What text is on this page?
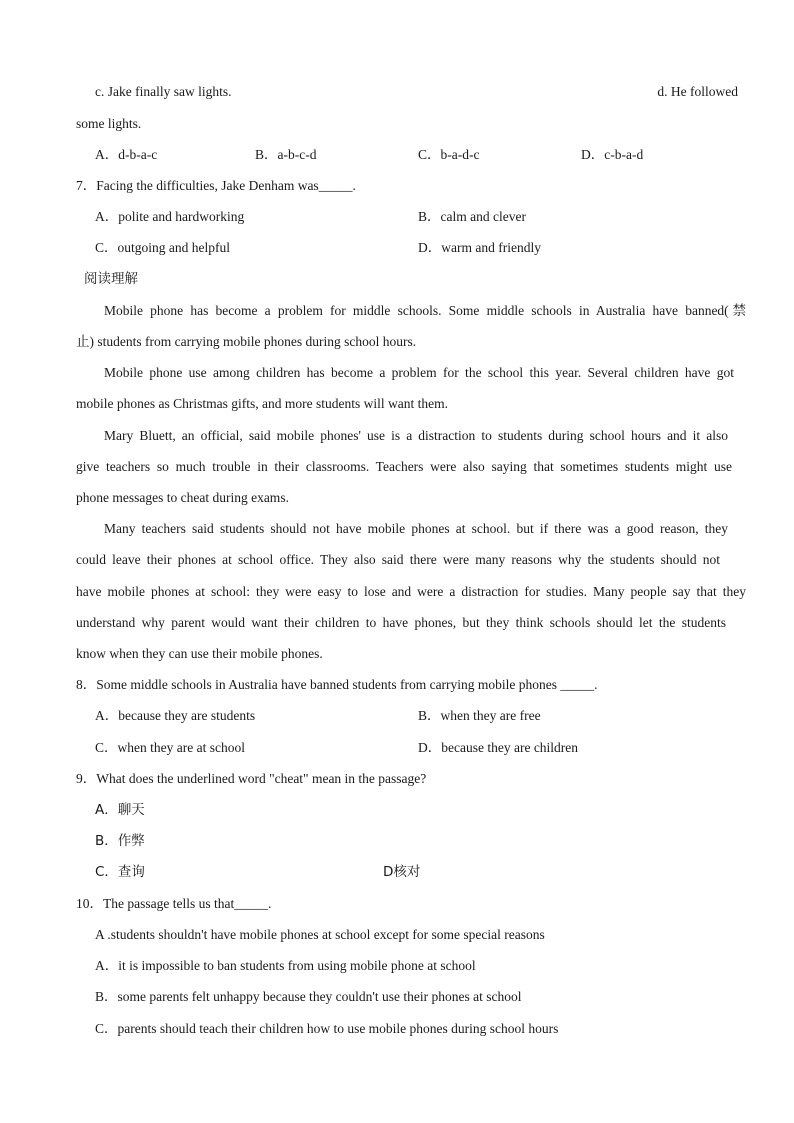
c. Jake finally saw lights.	d. He followed
some lights.
A．d-b-a-c	B．a-b-c-d	C．b-a-d-c	D．c-b-a-d
7．Facing the difficulties, Jake Denham was_____.
A．polite and hardworking	B．calm and clever
C．outgoing and helpful	D．warm and friendly
阅读理解
Mobile phone has become a problem for middle schools. Some middle schools in Australia have banned(禁
止) students from carrying mobile phones during school hours.
Mobile phone use among children has become a problem for the school this year. Several children have got
mobile phones as Christmas gifts, and more students will want them.
Mary Bluett, an official, said mobile phones' use is a distraction to students during school hours and it also
give teachers so much trouble in their classrooms. Teachers were also saying that sometimes students might use
phone messages to cheat during exams.
Many teachers said students should not have mobile phones at school. but if there was a good reason, they
could leave their phones at school office. They also said there were many reasons why the students should not
have mobile phones at school: they were easy to lose and were a distraction for studies. Many people say that they
understand why parent would want their children to have phones, but they think schools should let the students
know when they can use their mobile phones.
8．Some middle schools in Australia have banned students from carrying mobile phones _____.
A．because they are students	B．when they are free
C．when they are at school	D．because they are children
9．What does the underlined word "cheat" mean in the passage?
A．聊天
B．作弊
C．查询	D核对
10．The passage tells us that_____.
A .students shouldn't have mobile phones at school except for some special reasons
A．it is impossible to ban students from using mobile phone at school
B．some parents felt unhappy because they couldn't use their phones at school
C．parents should teach their children how to use mobile phones during school hours
